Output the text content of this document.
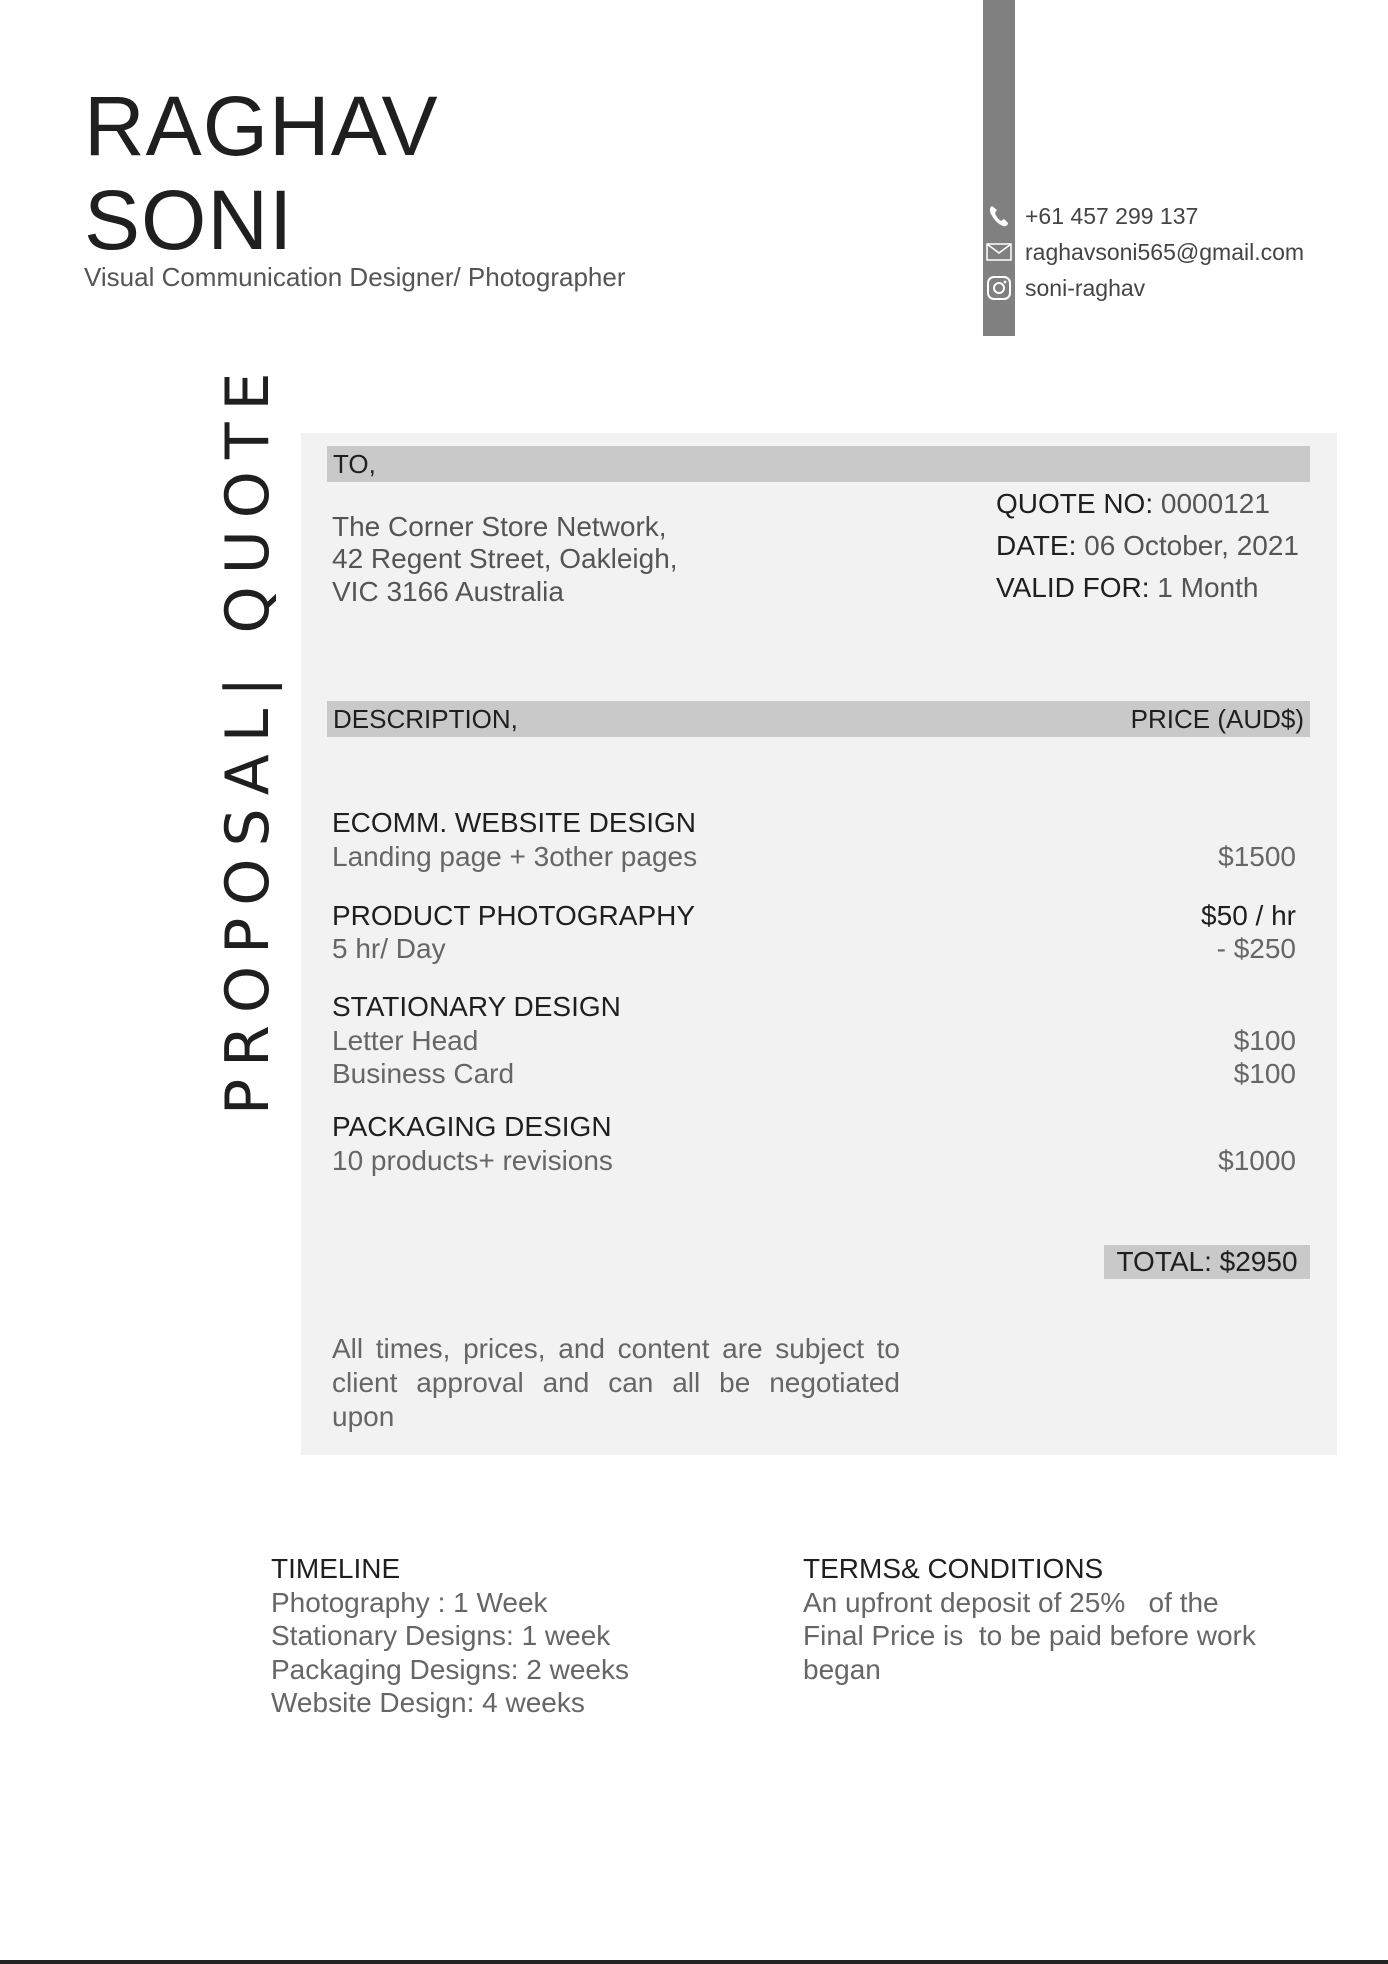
RAGHAV
SONI
Visual Communication Designer/ Photographer
+61 457 299 137
raghavsoni565@gmail.com
soni-raghav
PROPOSAL| QUOTE TO,
The Corner Store Network,
42 Regent Street, Oakleigh,
VIC 3166 Australia
QUOTE NO: 0000121
DATE: 06 October, 2021
VALID FOR: 1 Month
DESCRIPTION,	PRICE (AUD$)
ECOMM. WEBSITE DESIGN
Landing page + 3other pages	$1500
PRODUCT PHOTOGRAPHY	$50 / hr
5 hr/ Day	- $250
STATIONARY DESIGN
Letter Head	$100
Business Card	$100
PACKAGING DESIGN
10 products+ revisions	$1000
TOTAL: $2950
All times, prices, and content are subject to client approval and can all be negotiated upon
TIMELINE
Photography : 1 Week
Stationary Designs: 1 week
Packaging Designs: 2 weeks
Website Design: 4 weeks
TERMS& CONDITIONS
An upfront deposit of 25%   of the
Final Price is  to be paid before work
began
